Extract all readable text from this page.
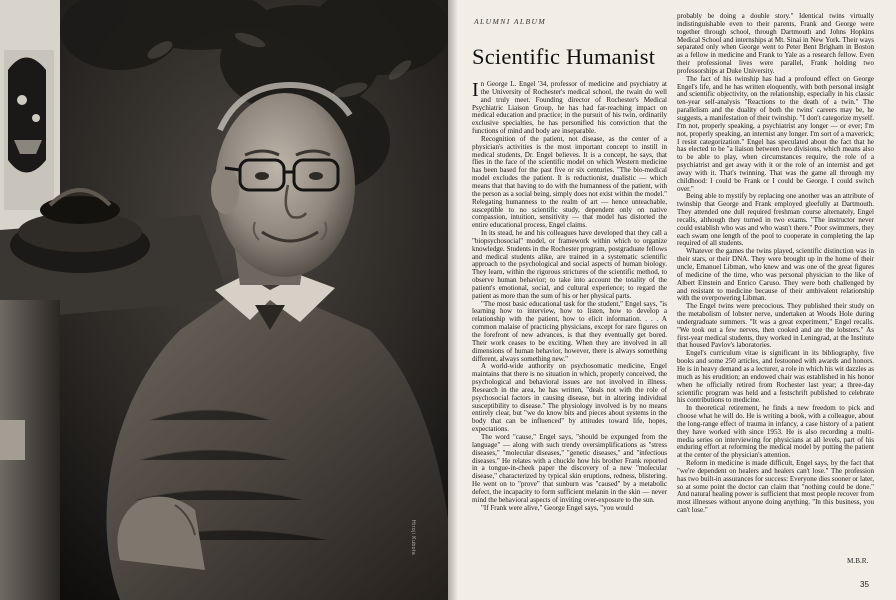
Hiroji Kubota
ALUMNI ALBUM
Scientific Humanist

In George L. Engel '34, professor of medicine and psychiatry at the University of Rochester's medical school, the twain do well and truly meet. Founding director of Rochester's Medical Psychiatric Liaison Group, he has had far-reaching impact on medical education and practice; in the pursuit of his twin, ordinarily exclusive specialties, he has personified his conviction that the functions of mind and body are inseparable.

Recognition of the patient, not disease, as the center of a physician's activities is the most important concept to instill in medical students, Dr. Engel believes. It is a concept, he says, that flies in the face of the scientific model on which Western medicine has been based for the past five or six centuries. "The bio-medical model excludes the patient. It is reductionist, dualistic — which means that that having to do with the humanness of the patient, with the person as a social being, simply does not exist within the model." Relegating humanness to the realm of art — hence unteachable, susceptible to no scientific study, dependent only on native compassion, intuition, sensitivity — that model has distorted the entire educational process, Engel claims.

In its stead, he and his colleagues have developed that they call a "biopsychosocial" model, or framework within which to organize knowledge. Students in the Rochester program, postgraduate fellows and medical students alike, are trained in a systematic scientific approach to the psychological and social aspects of human biology. They learn, within the rigorous strictures of the scientific method, to observe human behavior; to take into account the totality of the patient's emotional, social, and cultural experience; to regard the patient as more than the sum of his or her physical parts.

"The most basic educational task for the student," Engel says, "is learning how to interview, how to listen, how to develop a relationship with the patient, how to elicit information. . . . A common malaise of practicing physicians, except for rare figures on the forefront of new advances, is that they eventually get bored. Their work ceases to be exciting. When they are involved in all dimensions of human behavior, however, there is always something different, always something new."

A world-wide authority on psychosomatic medicine, Engel maintains that there is no situation in which, properly conceived, the psychological and behavioral issues are not involved in illness. Research in the area, he has written, "deals not with the role of psychosocial factors in causing disease, but in altering individual susceptibility to disease." The physiology involved is by no means entirely clear, but "we do know bits and pieces about systems in the body that can be influenced" by attitudes toward life, hopes, expectations.

The word "cause," Engel says, "should be expunged from the language" — along with such trendy oversimplifications as "stress diseases," "molecular diseases," "genetic diseases," and "infectious diseases." He relates with a chuckle how his brother Frank reported in a tongue-in-cheek paper the discovery of a new "molecular disease," characterized by typical skin eruptions, redness, blistering. He went on to "prove" that sunburn was "caused" by a metabolic defect, the incapacity to form sufficient melanin in the skin — never mind the behavioral aspects of inviting over-exposure to the sun.

"If Frank were alive," George Engel says, "you would

probably be doing a double story." Identical twins virtually indistinguishable even to their parents, Frank and George were together through school, through Dartmouth and Johns Hopkins Medical School and internships at Mt. Sinai in New York. Their ways separated only when George went to Peter Bent Brigham in Boston as a fellow in medicine and Frank to Yale as a research fellow. Even their professional lives were parallel, Frank holding two professorships at Duke University.

The fact of his twinship has had a profound effect on George Engel's life, and he has written eloquently, with both personal insight and scientific objectivity, on the relationship, especially in his classic ten-year self-analysis "Reactions to the death of a twin." The parallelism and the duality of both the twins' careers may be, he suggests, a manifestation of their twinship. "I don't categorize myself. I'm not, properly speaking, a psychiatrist any longer — or ever; I'm not, properly speaking, an internist any longer. I'm sort of a maverick; I resist categorization." Engel has speculated about the fact that he has elected to be "a liaison between two divisions, which means also to be able to play, when circumstances require, the role of a psychiatrist and get away with it or the role of an internist and get away with it. That's twinning. That was the game all through my childhood: I could be Frank or I could be George. I could switch over."

Being able to mystify by replacing one another was an attribute of twinship that George and Frank employed gleefully at Dartmouth. They attended one dull required freshman course alternately, Engel recalls, although they turned in two exams. "The instructor never could establish who was and who wasn't there." Poor swimmers, they each swam one length of the pool to cooperate in completing the lap required of all students.

Whatever the games the twins played, scientific distinction was in their stars, or their DNA. They were brought up in the home of their uncle, Emanuel Libman, who knew and was one of the great figures of medicine of the time, who was personal physician to the like of Albert Einstein and Enrico Caruso. They were both challenged by and resistant to medicine because of their ambivalent relationship with the overpowering Libman.

The Engel twins were precocious. They published their study on the metabolism of lobster nerve, undertaken at Woods Hole during undergraduate summers. "It was a great experiment," Engel recalls. "We took out a few nerves, then cooked and ate the lobsters." As first-year medical students, they worked in Leningrad, at the Institute that housed Pavlov's laboratories.

Engel's curriculum vitae is significant in its bibliography, five books and some 250 articles, and festooned with awards and honors. He is in heavy demand as a lecturer, a role in which his wit dazzles as much as his erudition; an endowed chair was established in his honor when he officially retired from Rochester last year; a three-day scientific program was held and a festschrift published to celebrate his contributions to medicine.

In theoretical retirement, he finds a new freedom to pick and choose what he will do. He is writing a book, with a colleague, about the long-range effect of trauma in infancy, a case history of a patient they have worked with since 1953. He is also recording a multi-media series on interviewing for physicians at all levels, part of his enduring effort at reforming the medical model by putting the patient at the center of the physician's attention.

Reform in medicine is made difficult, Engel says, by the fact that "we're dependent on healers and healers can't lose." The profession has two built-in assurances for success: Everyone dies sooner or later, so at some point the doctor can claim that "nothing could be done." And natural healing power is sufficient that most people recover from most illnesses without anyone doing anything. "In this business, you can't lose."

M.B.R.
35
